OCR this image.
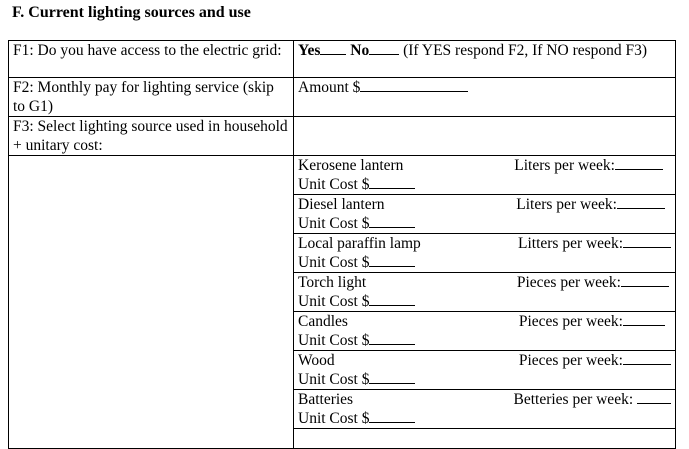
F. Current lighting sources and use
F1: Do you have access to the electric grid:	Yes No (If YES respond F2, If NO respond F3)
F2: Monthly pay for lighting service (skip to G1)	Amount $
F3: Select lighting source used in household + unitary cost:	

	Kerosene lantern Liters per week:
Unit Cost $

	Diesel lantern Liters per week:
Unit Cost $

	Local paraffin lamp Litters per week:
Unit Cost $

	Torch light Pieces per week:
Unit Cost $

	Candles Pieces per week:
Unit Cost $

	Wood Pieces per week:
Unit Cost $

	Batteries Betteries per week:
Unit Cost $
